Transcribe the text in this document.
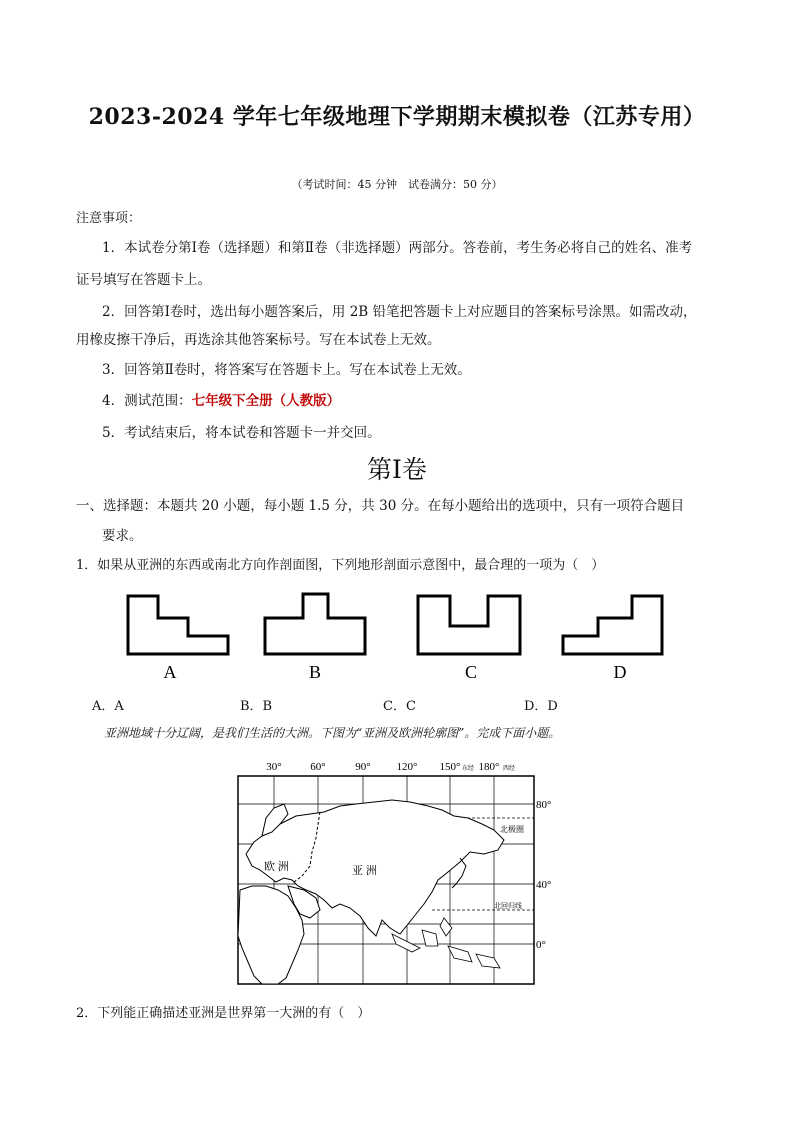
2023-2024 学年七年级地理下学期期末模拟卷（江苏专用）
（考试时间：45 分钟　试卷满分：50 分）
注意事项：
1．本试卷分第Ⅰ卷（选择题）和第Ⅱ卷（非选择题）两部分。答卷前，考生务必将自己的姓名、准考
证号填写在答题卡上。
2．回答第Ⅰ卷时，选出每小题答案后，用 2B 铅笔把答题卡上对应题目的答案标号涂黑。如需改动，
用橡皮擦干净后，再选涂其他答案标号。写在本试卷上无效。
3．回答第Ⅱ卷时，将答案写在答题卡上。写在本试卷上无效。
4．测试范围：七年级下全册（人教版）
5．考试结束后，将本试卷和答题卡一并交回。
第Ⅰ卷
一、选择题：本题共 20 小题，每小题 1.5 分，共 30 分。在每小题给出的选项中，只有一项符合题目
要求。
1．如果从亚洲的东西或南北方向作剖面图，下列地形剖面示意图中，最合理的一项为（　）
A	B	C	D
A．A	B．B	C．C	D．D
亚洲地域十分辽阔，是我们生活的大洲。下图为“亚洲及欧洲轮廓图”。完成下面小题。
30°	60°	90° 120° 150° 东经 180° 西经
80°
40°
0°
欧 洲	亚 洲
北极圈
北回归线
2．下列能正确描述亚洲是世界第一大洲的有（　）
